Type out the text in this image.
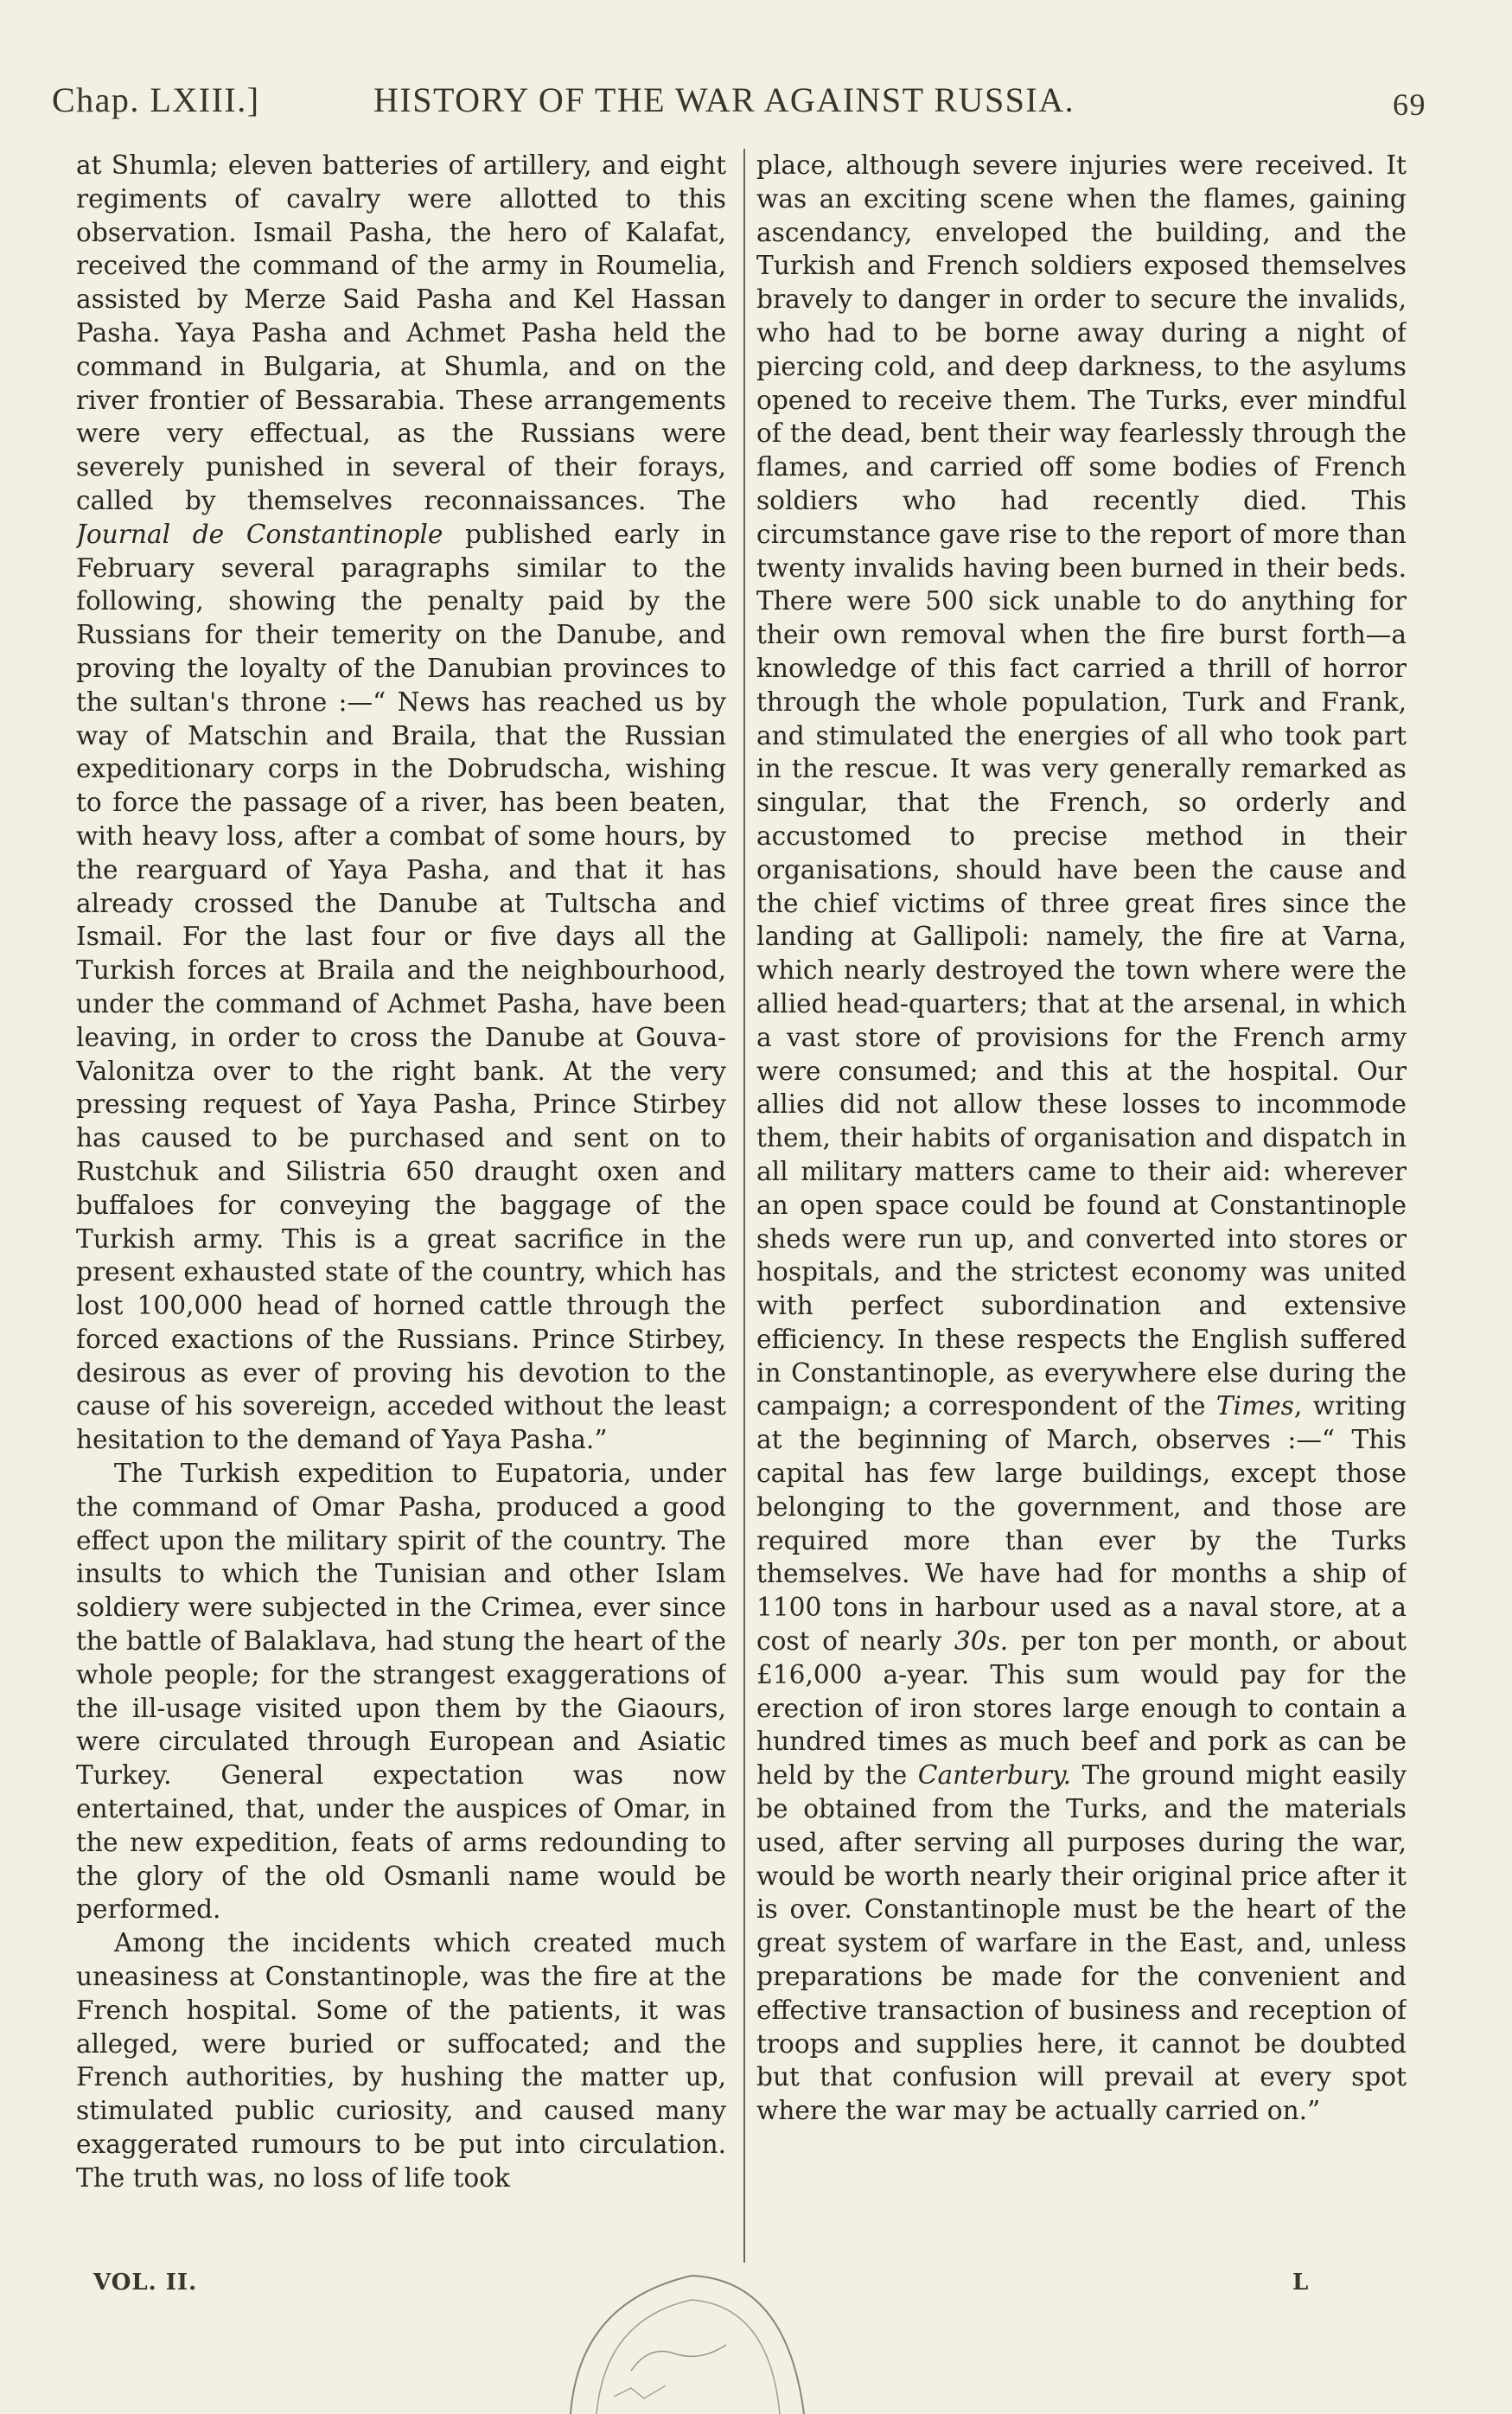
Chap. LXIII.]	HISTORY OF THE WAR AGAINST RUSSIA.	69

at Shumla; eleven batteries of artillery, and eight regiments of cavalry were allotted to this observation. Ismail Pasha, the hero of Kalafat, received the command of the army in Roumelia, assisted by Merze Said Pasha and Kel Hassan Pasha. Yaya Pasha and Achmet Pasha held the command in Bulgaria, at Shumla, and on the river frontier of Bessarabia. These arrangements were very effectual, as the Russians were severely punished in several of their forays, called by themselves reconnaissances. The Journal de Constantinople published early in February several paragraphs similar to the following, showing the penalty paid by the Russians for their temerity on the Danube, and proving the loyalty of the Danubian provinces to the sultan's throne :—“ News has reached us by way of Matschin and Braila, that the Russian expeditionary corps in the Dobrudscha, wishing to force the passage of a river, has been beaten, with heavy loss, after a combat of some hours, by the rearguard of Yaya Pasha, and that it has already crossed the Danube at Tultscha and Ismail. For the last four or five days all the Turkish forces at Braila and the neighbourhood, under the command of Achmet Pasha, have been leaving, in order to cross the Danube at Gouva-Valonitza over to the right bank. At the very pressing request of Yaya Pasha, Prince Stirbey has caused to be purchased and sent on to Rustchuk and Silistria 650 draught oxen and buffaloes for conveying the baggage of the Turkish army. This is a great sacrifice in the present exhausted state of the country, which has lost 100,000 head of horned cattle through the forced exactions of the Russians. Prince Stirbey, desirous as ever of proving his devotion to the cause of his sovereign, acceded without the least hesitation to the demand of Yaya Pasha.”

The Turkish expedition to Eupatoria, under the command of Omar Pasha, produced a good effect upon the military spirit of the country. The insults to which the Tunisian and other Islam soldiery were subjected in the Crimea, ever since the battle of Balaklava, had stung the heart of the whole people; for the strangest exaggerations of the ill-usage visited upon them by the Giaours, were circulated through European and Asiatic Turkey. General expectation was now entertained, that, under the auspices of Omar, in the new expedition, feats of arms redounding to the glory of the old Osmanli name would be performed.

Among the incidents which created much uneasiness at Constantinople, was the fire at the French hospital. Some of the patients, it was alleged, were buried or suffocated; and the French authorities, by hushing the matter up, stimulated public curiosity, and caused many exaggerated rumours to be put into circulation. The truth was, no loss of life took

place, although severe injuries were received. It was an exciting scene when the flames, gaining ascendancy, enveloped the building, and the Turkish and French soldiers exposed themselves bravely to danger in order to secure the invalids, who had to be borne away during a night of piercing cold, and deep darkness, to the asylums opened to receive them. The Turks, ever mindful of the dead, bent their way fearlessly through the flames, and carried off some bodies of French soldiers who had recently died. This circumstance gave rise to the report of more than twenty invalids having been burned in their beds. There were 500 sick unable to do anything for their own removal when the fire burst forth—a knowledge of this fact carried a thrill of horror through the whole population, Turk and Frank, and stimulated the energies of all who took part in the rescue. It was very generally remarked as singular, that the French, so orderly and accustomed to precise method in their organisations, should have been the cause and the chief victims of three great fires since the landing at Gallipoli: namely, the fire at Varna, which nearly destroyed the town where were the allied head-quarters; that at the arsenal, in which a vast store of provisions for the French army were consumed; and this at the hospital. Our allies did not allow these losses to incommode them, their habits of organisation and dispatch in all military matters came to their aid: wherever an open space could be found at Constantinople sheds were run up, and converted into stores or hospitals, and the strictest economy was united with perfect subordination and extensive efficiency. In these respects the English suffered in Constantinople, as everywhere else during the campaign; a correspondent of the Times, writing at the beginning of March, observes :—“ This capital has few large buildings, except those belonging to the government, and those are required more than ever by the Turks themselves. We have had for months a ship of 1100 tons in harbour used as a naval store, at a cost of nearly 30s. per ton per month, or about £16,000 a-year. This sum would pay for the erection of iron stores large enough to contain a hundred times as much beef and pork as can be held by the Canterbury. The ground might easily be obtained from the Turks, and the materials used, after serving all purposes during the war, would be worth nearly their original price after it is over. Constantinople must be the heart of the great system of warfare in the East, and, unless preparations be made for the convenient and effective transaction of business and reception of troops and supplies here, it cannot be doubted but that confusion will prevail at every spot where the war may be actually carried on.”

VOL. II.	L
